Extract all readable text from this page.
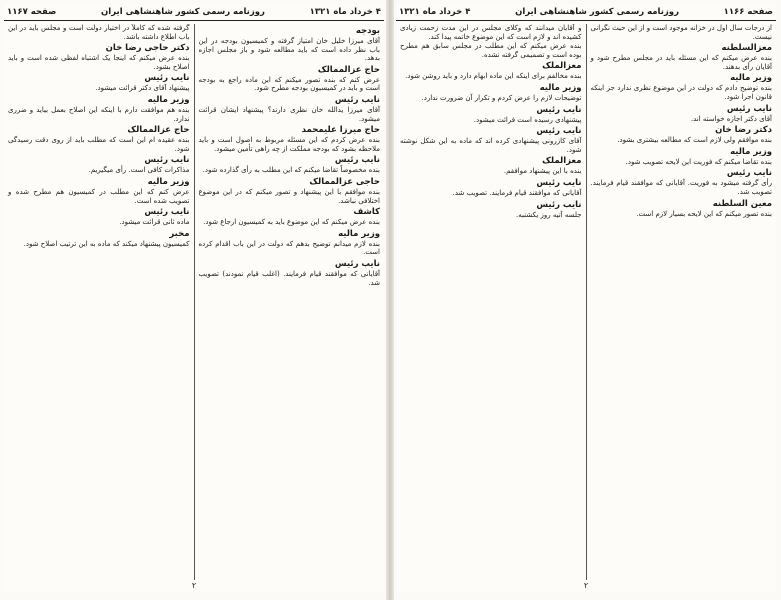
۴ خرداد ماه ۱۳۲۱
روزنامه رسمی کشور شاهنشاهی ایران
صفحه ۱۱۶۷
بودجه

آقای میرزا خلیل خان امتیاز گرفته و کمیسیون بودجه در این باب نظر داده است که باید مطالعه شود و باز مجلس اجازه بدهد.

حاج عزالممالک

عرض کنم که بنده تصور میکنم که این ماده راجع به بودجه است و باید در کمیسیون بودجه مطرح شود.

نایب رئیس

آقای میرزا یدالله خان نظری دارند؟ پیشنهاد ایشان قرائت میشود.

حاج میرزا علیمحمد

بنده عرض کردم که این مسئله مربوط به اصول است و باید ملاحظه بشود که بودجه مملکت از چه راهی تأمین میشود.

نایب رئیس

بنده مخصوصاً تقاضا میکنم که این مطلب به رأی گذارده شود.

حاجی عزالممالک

بنده موافقم با این پیشنهاد و تصور میکنم که در این موضوع اختلافی نباشد.

کاشف

بنده عرض میکنم که این موضوع باید به کمیسیون ارجاع شود.

وزیر مالیه

بنده لازم میدانم توضیح بدهم که دولت در این باب اقدام کرده است.

نایب رئیس

آقایانی که موافقند قیام فرمایند. (اغلب قیام نمودند) تصویب شد.

گرفته شده که کاملاً در اختیار دولت است و مجلس باید در این باب اطلاع داشته باشد.

دکتر حاجی رضا خان

بنده عرض میکنم که اینجا یک اشتباه لفظی شده است و باید اصلاح بشود.

نایب رئیس

پیشنهاد آقای دکتر قرائت میشود.

وزیر مالیه

بنده هم موافقت دارم با اینکه این اصلاح بعمل بیاید و ضرری ندارد.

حاج عزالممالک

بنده عقیده ام این است که مطلب باید از روی دقت رسیدگی شود.

نایب رئیس

مذاکرات کافی است. رأی میگیریم.

وزیر مالیه

عرض کنم که این مطلب در کمیسیون هم مطرح شده و تصویب شده است.

نایب رئیس

ماده ثانی قرائت میشود.

مخبر

کمیسیون پیشنهاد میکند که ماده به این ترتیب اصلاح شود.

۲
صفحه ۱۱۶۶
روزنامه رسمی کشور شاهنشاهی ایران
۴ خرداد ماه ۱۳۲۱

از درجات سال اول در خزانه موجود است و از این حیث نگرانی نیست.

معزالسلطنه

بنده عرض میکنم که این مسئله باید در مجلس مطرح شود و آقایان رأی بدهند.

وزیر مالیه

بنده توضیح دادم که دولت در این موضوع نظری ندارد جز اینکه قانون اجرا شود.

نایب رئیس

آقای دکتر اجازه خواسته اند.

دکتر رضا خان

بنده موافقم ولی لازم است که مطالعه بیشتری بشود.

وزیر مالیه

بنده تقاضا میکنم که فوریت این لایحه تصویب شود.

نایب رئیس

رأی گرفته میشود به فوریت. آقایانی که موافقند قیام فرمایند. تصویب شد.

معین السلطنه

بنده تصور میکنم که این لایحه بسیار لازم است.

و آقایان میدانند که وکلای مجلس در این مدت زحمت زیادی کشیده اند و لازم است که این موضوع خاتمه پیدا کند.

بنده عرض میکنم که این مطلب در مجلس سابق هم مطرح بوده است و تصمیمی گرفته نشده.

معزالملک

بنده مخالفم برای اینکه این ماده ابهام دارد و باید روشن شود.

وزیر مالیه

توضیحات لازم را عرض کردم و تکرار آن ضرورت ندارد.

نایب رئیس

پیشنهادی رسیده است قرائت میشود.

نایب رئیس

آقای کازرونی پیشنهادی کرده اند که ماده به این شکل نوشته شود.

معزالملک

بنده با این پیشنهاد موافقم.

نایب رئیس

آقایانی که موافقند قیام فرمایند. تصویب شد.

نایب رئیس

جلسه آتیه روز یکشنبه.

۲
